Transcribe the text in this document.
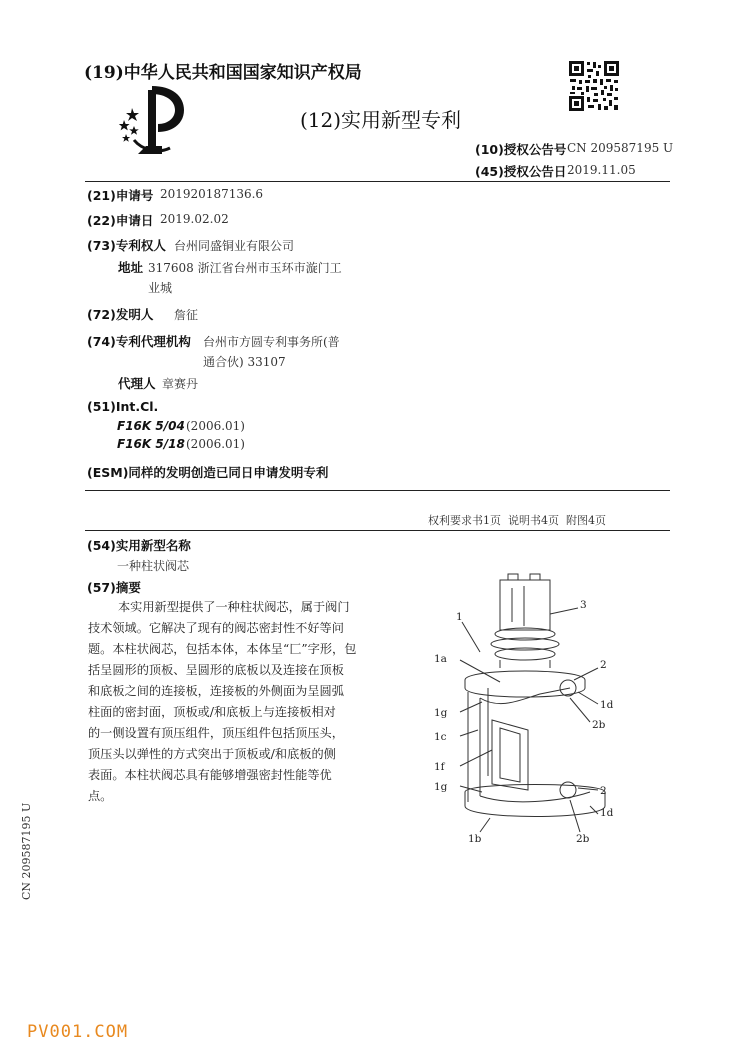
(19)中华人民共和国国家知识产权局
(12)实用新型专利
(10)授权公告号 CN 209587195 U
(45)授权公告日 2019.11.05
(21)申请号 201920187136.6
(22)申请日 2019.02.02
(73)专利权人 台州同盛铜业有限公司
地址 317608 浙江省台州市玉环市漩门工
业城
(72)发明人 詹征
(74)专利代理机构 台州市方圆专利事务所(普
通合伙) 33107
代理人 章赛丹
(51)Int.Cl.
F16K 5/04 (2006.01)
F16K 5/18 (2006.01)
(ESM)同样的发明创造已同日申请发明专利
权利要求书1页  说明书4页  附图4页
(54)实用新型名称
一种柱状阀芯
(57)摘要
本实用新型提供了一种柱状阀芯，属于阀门
技术领域。它解决了现有的阀芯密封性不好等问
题。本柱状阀芯，包括本体，本体呈“匚”字形，包
括呈圆形的顶板、呈圆形的底板以及连接在顶板
和底板之间的连接板，连接板的外侧面为呈圆弧
柱面的密封面，顶板或/和底板上与连接板相对
的一侧设置有顶压组件，顶压组件包括顶压头，
顶压头以弹性的方式突出于顶板或/和底板的侧
表面。本柱状阀芯具有能够增强密封性能等优
点。
1
3
1a	2
1d
1g
2b
1c
1f
2
1g
1d
1b	2b
CN 209587195 U
PV001.COM
